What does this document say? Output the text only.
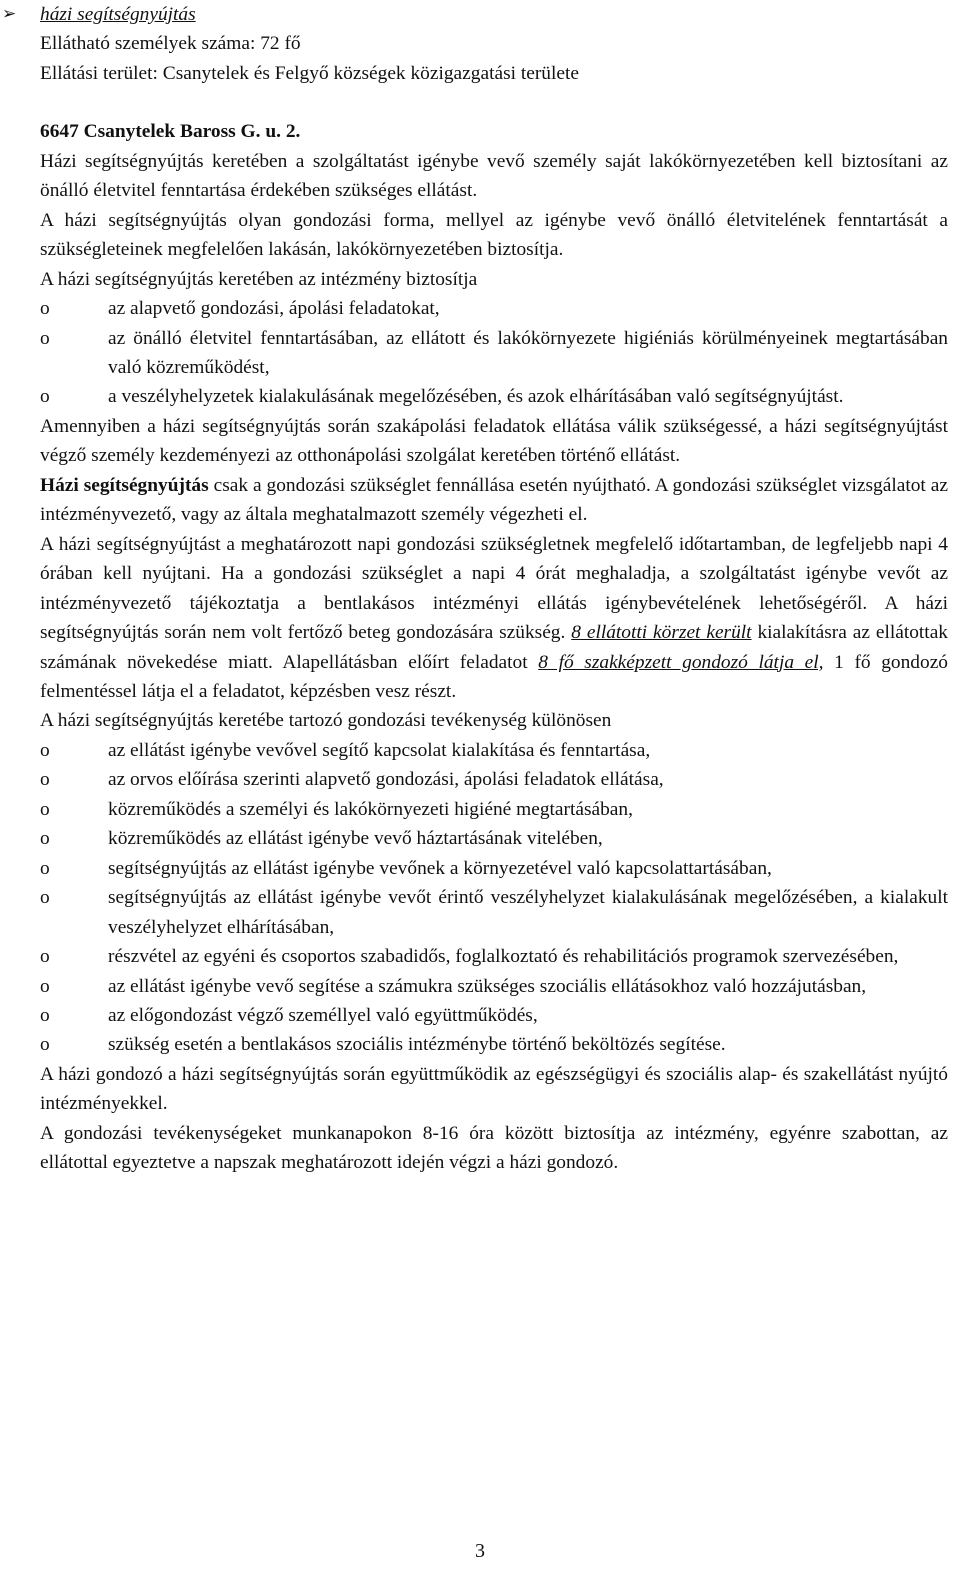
➢ házi segítségnyújtás

Ellátható személyek száma: 72 fő

Ellátási terület: Csanytelek és Felgyő községek közigazgatási területe

6647 Csanytelek Baross G. u. 2.

Házi segítségnyújtás keretében a szolgáltatást igénybe vevő személy saját lakókörnyezetében kell biztosítani az önálló életvitel fenntartása érdekében szükséges ellátást.

A házi segítségnyújtás olyan gondozási forma, mellyel az igénybe vevő önálló életvitelének fenntartását a szükségleteinek megfelelően lakásán, lakókörnyezetében biztosítja.

A házi segítségnyújtás keretében az intézmény biztosítja

o	az alapvető gondozási, ápolási feladatokat,
o	az önálló életvitel fenntartásában, az ellátott és lakókörnyezete higiéniás körülményeinek megtartásában való közreműködést,
o	a veszélyhelyzetek kialakulásának megelőzésében, és azok elhárításában való segítségnyújtást.

Amennyiben a házi segítségnyújtás során szakápolási feladatok ellátása válik szükségessé, a házi segítségnyújtást végző személy kezdeményezi az otthonápolási szolgálat keretében történő ellátást.

Házi segítségnyújtás csak a gondozási szükséglet fennállása esetén nyújtható. A gondozási szükséglet vizsgálatot az intézményvezető, vagy az általa meghatalmazott személy végezheti el.

A házi segítségnyújtást a meghatározott napi gondozási szükségletnek megfelelő időtartamban, de legfeljebb napi 4 órában kell nyújtani. Ha a gondozási szükséglet a napi 4 órát meghaladja, a szolgáltatást igénybe vevőt az intézményvezető tájékoztatja a bentlakásos intézményi ellátás igénybevételének lehetőségéről. A házi segítségnyújtás során nem volt fertőző beteg gondozására szükség. 8 ellátotti körzet került kialakításra az ellátottak számának növekedése miatt. Alapellátásban előírt feladatot 8 fő szakképzett gondozó látja el, 1 fő gondozó felmentéssel látja el a feladatot, képzésben vesz részt.

A házi segítségnyújtás keretébe tartozó gondozási tevékenység különösen

o	az ellátást igénybe vevővel segítő kapcsolat kialakítása és fenntartása,
o	az orvos előírása szerinti alapvető gondozási, ápolási feladatok ellátása,
o	közreműködés a személyi és lakókörnyezeti higiéné megtartásában,
o	közreműködés az ellátást igénybe vevő háztartásának vitelében,
o	segítségnyújtás az ellátást igénybe vevőnek a környezetével való kapcsolattartásában,
o	segítségnyújtás az ellátást igénybe vevőt érintő veszélyhelyzet kialakulásának megelőzésében, a kialakult veszélyhelyzet elhárításában,
o	részvétel az egyéni és csoportos szabadidős, foglalkoztató és rehabilitációs programok szervezésében,
o	az ellátást igénybe vevő segítése a számukra szükséges szociális ellátásokhoz való hozzájutásban,
o	az előgondozást végző személlyel való együttműködés,
o	szükség esetén a bentlakásos szociális intézménybe történő beköltözés segítése.

A házi gondozó a házi segítségnyújtás során együttműködik az egészségügyi és szociális alap- és szakellátást nyújtó intézményekkel.

A gondozási tevékenységeket munkanapokon 8-16 óra között biztosítja az intézmény, egyénre szabottan, az ellátottal egyeztetve a napszak meghatározott idején végzi a házi gondozó.

3
